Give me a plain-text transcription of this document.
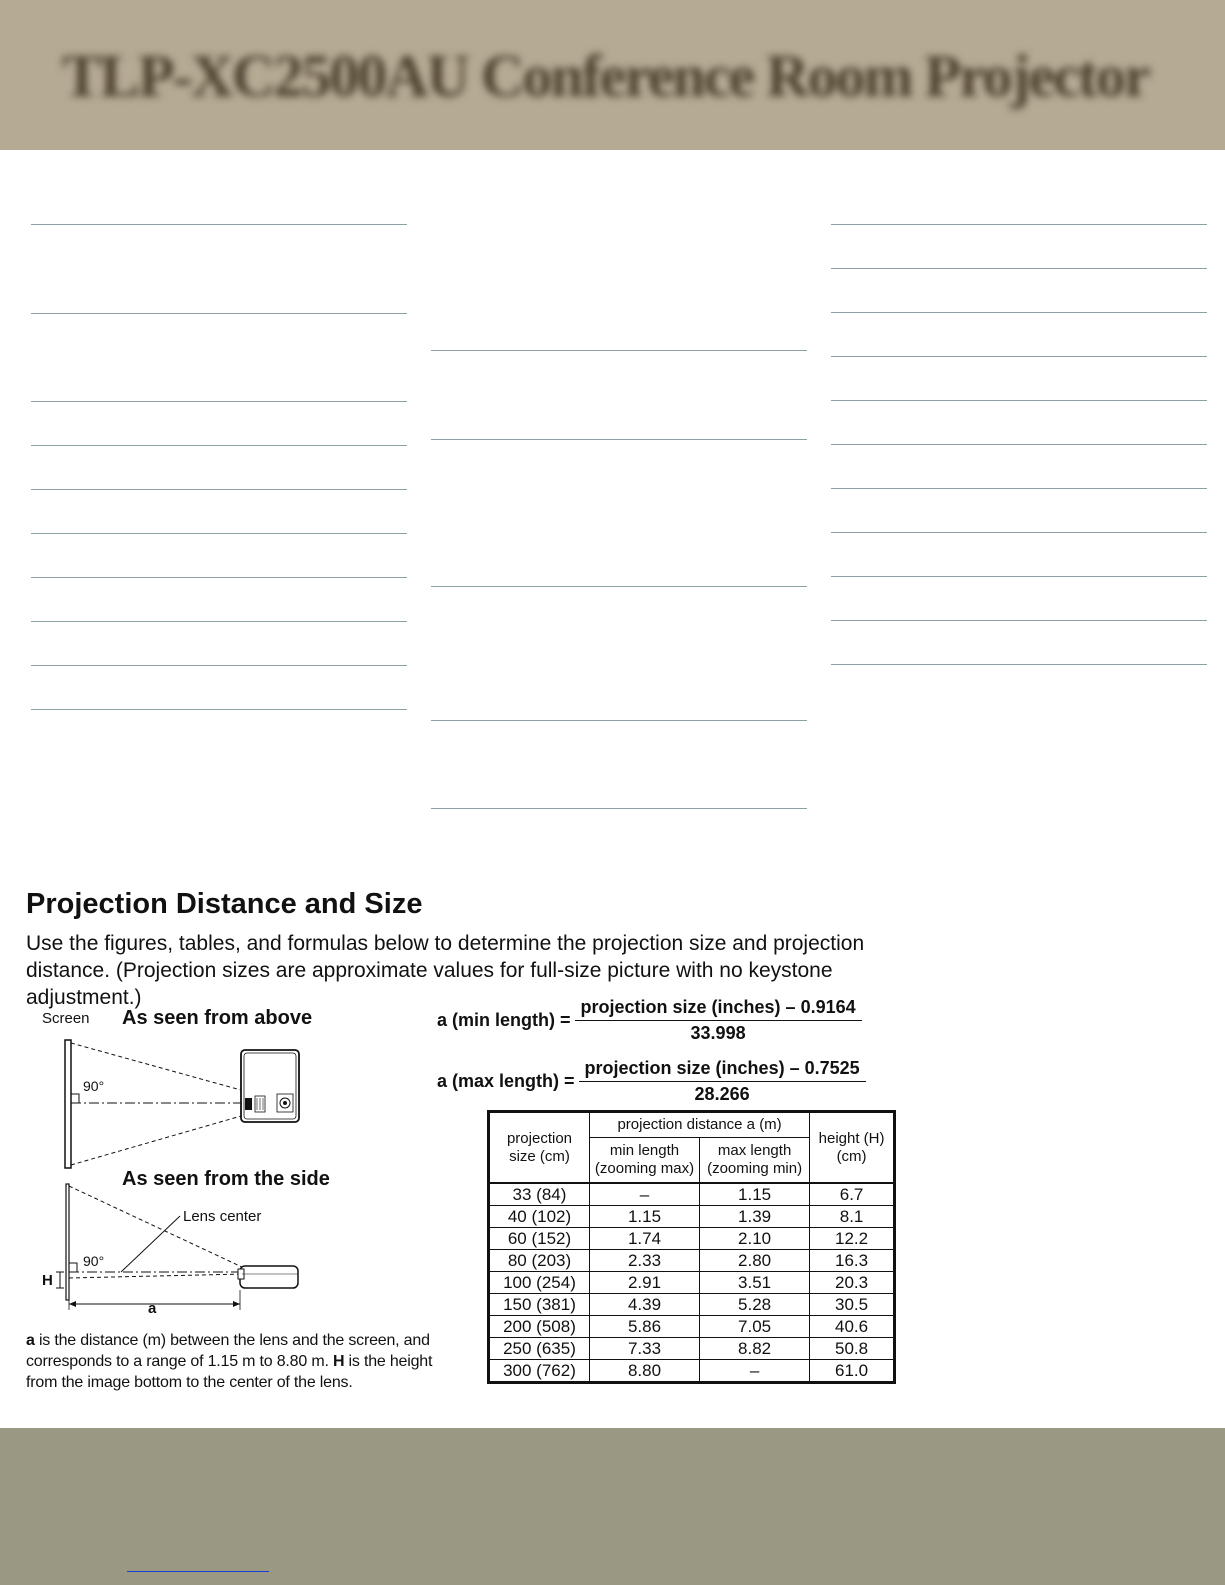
TLP-XC2500AU Conference Room Projector
Projection Distance and Size

Use the figures, tables, and formulas below to determine the projection size and projection distance. (Projection sizes are approximate values for full-size picture with no keystone adjustment.)

Screen As seen from above
As seen from the side
Lens center
90°
90°
H
a

a is the distance (m) between the lens and the screen, and corresponds to a range of 1.15 m to 8.80 m. H is the height from the image bottom to the center of the lens.

a (min length) = $\frac{\text{projection size (inches) – 0.9164}}{33.998}$
a (max length) = $\frac{\text{projection size (inches) – 0.7525}}{28.266}$
projection size (cm)	projection distance a (m)		height (H) (cm)
	min length (zooming max)	max length (zooming min)	
33 (84)	–	1.15	6.7
40 (102)	1.15	1.39	8.1
60 (152)	1.74	2.10	12.2
80 (203)	2.33	2.80	16.3
100 (254)	2.91	3.51	20.3
150 (381)	4.39	5.28	30.5
200 (508)	5.86	7.05	40.6
250 (635)	7.33	8.82	50.8
300 (762)	8.80	–	61.0
